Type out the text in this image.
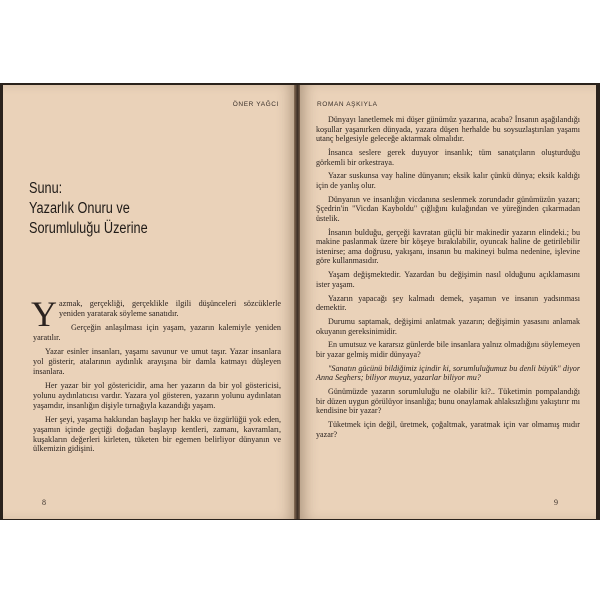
ÖNER YAĞCI
Sunu:
Yazarlık Onuru ve
Sorumluluğu Üzerine

Yazmak, gerçekliği, gerçeklikle ilgili düşünceleri sözcüklerle yeniden yaratarak söyleme sanatıdır.

Gerçeğin anlaşılması için yaşam, yazarın kalemiyle yeniden yaratılır.

Yazar esinler insanları, yaşamı savunur ve umut taşır. Yazar insanlara yol gösterir, atalarının aydınlık arayışına bir damla katmayı düşleyen insanlara.

Her yazar bir yol göstericidir, ama her yazarın da bir yol göstericisi, yolunu aydınlatıcısı vardır. Yazara yol gösteren, yazarın yolunu aydınlatan yaşamdır, insanlığın dişiyle tırnağıyla kazandığı yaşam.

Her şeyi, yaşama hakkından başlayıp her hakkı ve özgürlüğü yok eden, yaşamın içinde geçtiği doğadan başlayıp kentleri, zamanı, kavramları, kuşakların değerleri kirleten, tüketen bir egemen belirliyor dünyanın ve ülkemizin gidişini.

8
ROMAN AŞKIYLA

Dünyayı lanetlemek mi düşer günümüz yazarına, acaba? İnsanın aşağılandığı koşullar yaşanırken dünyada, yazara düşen herhalde bu soysuzlaştırılan yaşamı utanç belgesiyle geleceğe aktarmak olmalıdır.

İnsanca seslere gerek duyuyor insanlık; tüm sanatçıların oluşturduğu görkemli bir orkestraya.

Yazar suskunsa vay haline dünyanın; eksik kalır çünkü dünya; eksik kaldığı için de yanlış olur.

Dünyanın ve insanlığın vicdanına seslenmek zorundadır günümüzün yazarı; Şçedrin'in "Vicdan Kayboldu" çığlığını kulağından ve yüreğinden çıkarmadan üstelik.

İnsanın bulduğu, gerçeği kavratan güçlü bir makinedir yazarın elindeki.; bu makine paslanmak üzere bir köşeye bırakılabilir, oyuncak haline de getirilebilir istenirse; ama doğrusu, yakışanı, insanın bu makineyi bulma nedenine, işlevine göre kullanmasıdır.

Yaşam değişmektedir. Yazardan bu değişimin nasıl olduğunu açıklamasını ister yaşam.

Yazarın yapacağı şey kalmadı demek, yaşamın ve insanın yadsınması demektir.

Durumu saptamak, değişimi anlatmak yazarın; değişimin yasasını anlamak okuyanın gereksinimidir.

En umutsuz ve kararsız günlerde bile insanlara yalnız olmadığını söylemeyen bir yazar gelmiş midir dünyaya?

"Sanatın gücünü bildiğimiz içindir ki, sorumluluğumuz bu denli büyük" diyor Anna Seghers; biliyor muyuz, yazarlar biliyor mu?

Günümüzde yazarın sorumluluğu ne olabilir ki?.. Tüketimin pompalandığı bir düzen uygun görülüyor insanlığa; bunu onaylamak ahlaksızlığını yakıştırır mı kendisine bir yazar?

Tüketmek için değil, üretmek, çoğaltmak, yaratmak için var olmamış mıdır yazar?

9
